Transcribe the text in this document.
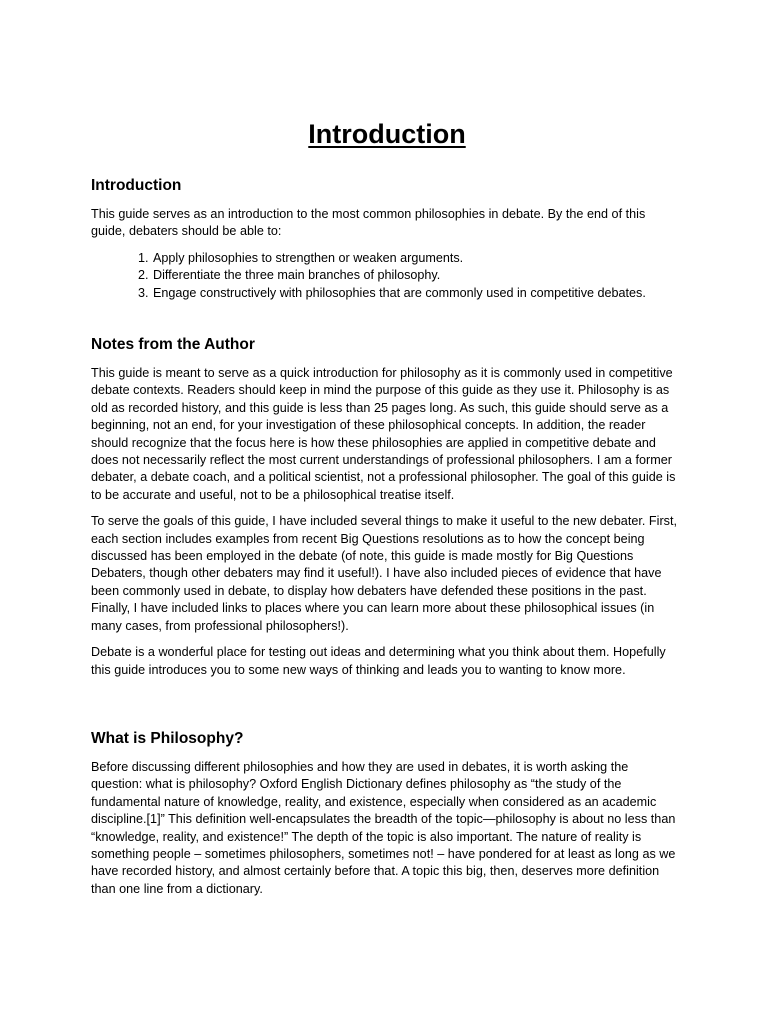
Introduction
Introduction

This guide serves as an introduction to the most common philosophies in debate. By the end of this guide, debaters should be able to:

1. Apply philosophies to strengthen or weaken arguments.
2. Differentiate the three main branches of philosophy.
3. Engage constructively with philosophies that are commonly used in competitive debates.
Notes from the Author

This guide is meant to serve as a quick introduction for philosophy as it is commonly used in competitive debate contexts. Readers should keep in mind the purpose of this guide as they use it. Philosophy is as old as recorded history, and this guide is less than 25 pages long. As such, this guide should serve as a beginning, not an end, for your investigation of these philosophical concepts. In addition, the reader should recognize that the focus here is how these philosophies are applied in competitive debate and does not necessarily reflect the most current understandings of professional philosophers. I am a former debater, a debate coach, and a political scientist, not a professional philosopher. The goal of this guide is to be accurate and useful, not to be a philosophical treatise itself.

To serve the goals of this guide, I have included several things to make it useful to the new debater. First, each section includes examples from recent Big Questions resolutions as to how the concept being discussed has been employed in the debate (of note, this guide is made mostly for Big Questions Debaters, though other debaters may find it useful!). I have also included pieces of evidence that have been commonly used in debate, to display how debaters have defended these positions in the past. Finally, I have included links to places where you can learn more about these philosophical issues (in many cases, from professional philosophers!).

Debate is a wonderful place for testing out ideas and determining what you think about them. Hopefully this guide introduces you to some new ways of thinking and leads you to wanting to know more.

What is Philosophy?

Before discussing different philosophies and how they are used in debates, it is worth asking the question: what is philosophy? Oxford English Dictionary defines philosophy as “the study of the fundamental nature of knowledge, reality, and existence, especially when considered as an academic discipline.[1]” This definition well-encapsulates the breadth of the topic—philosophy is about no less than “knowledge, reality, and existence!” The depth of the topic is also important. The nature of reality is something people – sometimes philosophers, sometimes not! – have pondered for at least as long as we have recorded history, and almost certainly before that. A topic this big, then, deserves more definition than one line from a dictionary.
